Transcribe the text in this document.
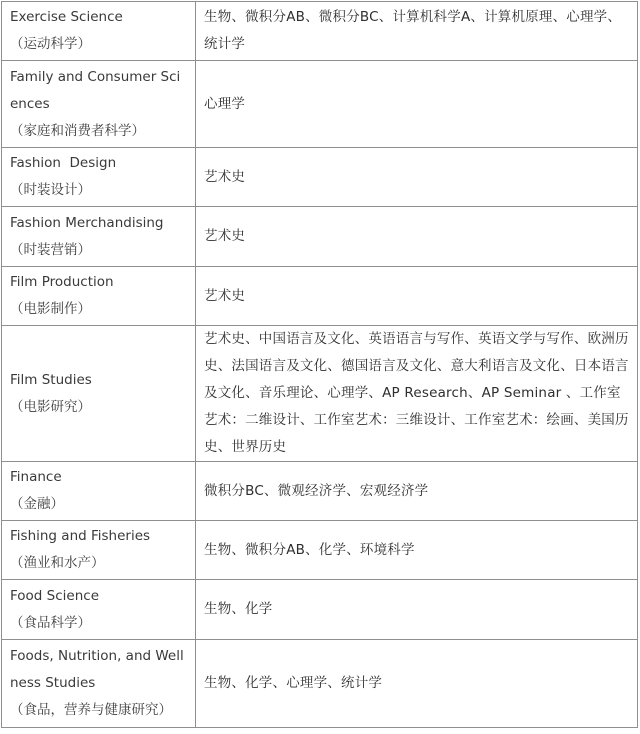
Exercise Science
（运动科学）	生物、微积分AB、微积分BC、计算机科学A、计算机原理、心理学、统计学

Family and Consumer Sciences
（家庭和消费者科学）	心理学

Fashion  Design
（时装设计）	艺术史

Fashion Merchandising
（时装营销）	艺术史

Film Production
（电影制作）	艺术史

Film Studies
（电影研究）	艺术史、中国语言及文化、英语语言与写作、英语文学与写作、欧洲历史、法国语言及文化、德国语言及文化、意大利语言及文化、日本语言及文化、音乐理论、心理学、AP Research、AP Seminar 、工作室艺术：二维设计、工作室艺术：三维设计、工作室艺术：绘画、美国历史、世界历史

Finance
（金融）	微积分BC、微观经济学、宏观经济学

Fishing and Fisheries
（渔业和水产）	生物、微积分AB、化学、环境科学

Food Science
（食品科学）	生物、化学

Foods, Nutrition, and Wellness Studies
（食品，营养与健康研究）	生物、化学、心理学、统计学
